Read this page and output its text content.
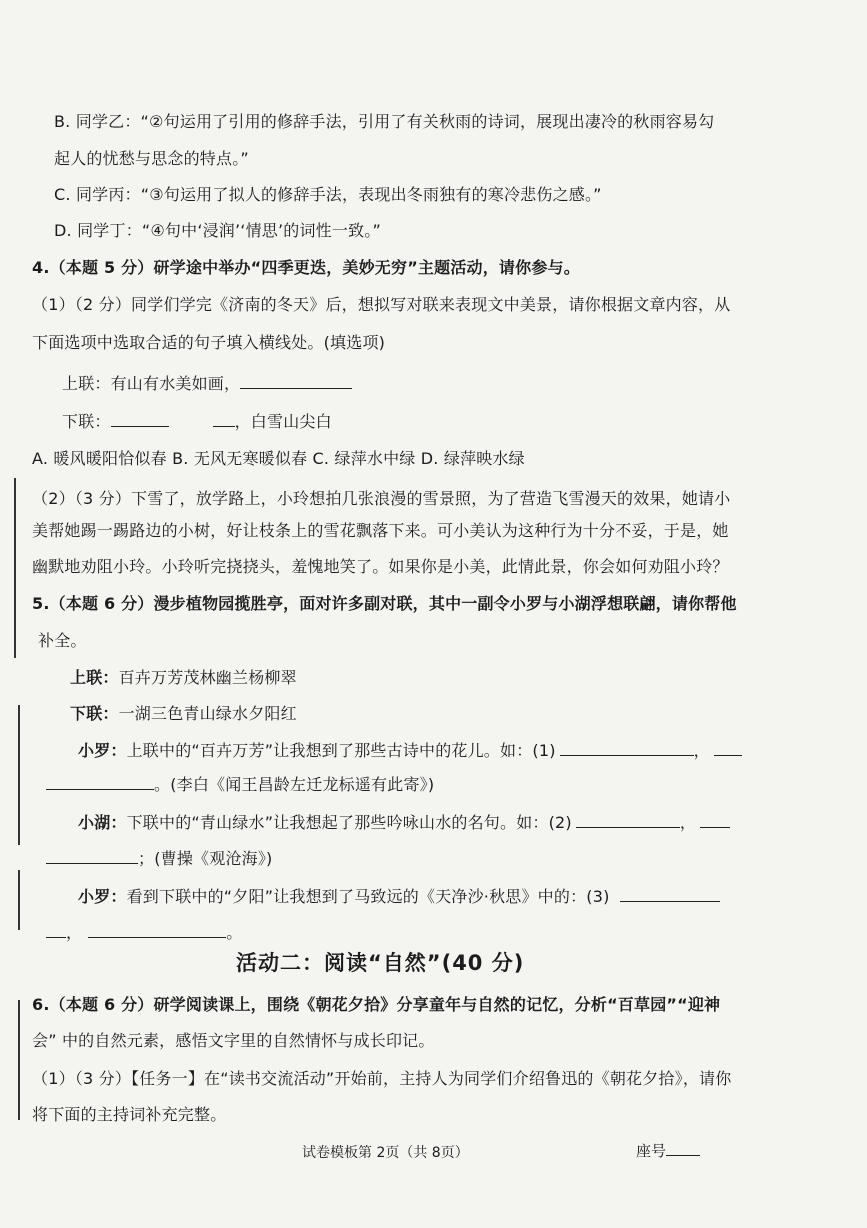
B. 同学乙：“②句运用了引用的修辞手法，引用了有关秋雨的诗词，展现出凄冷的秋雨容易勾
起人的忧愁与思念的特点。”
C. 同学丙：“③句运用了拟人的修辞手法，表现出冬雨独有的寒冷悲伤之感。”
D. 同学丁：“④句中‘浸润’‘情思’的词性一致。”
4.（本题 5 分）研学途中举办“四季更迭，美妙无穷”主题活动，请你参与。
（1）（2 分）同学们学完《济南的冬天》后，想拟写对联来表现文中美景，请你根据文章内容，从
下面选项中选取合适的句子填入横线处。(填选项)
上联：有山有水美如画，
下联：	，白雪山尖白
A. 暖风暖阳恰似春 B. 无风无寒暖似春 C. 绿萍水中绿 D. 绿萍映水绿
（2）（3 分）下雪了，放学路上，小玲想拍几张浪漫的雪景照，为了营造飞雪漫天的效果，她请小
美帮她踢一踢路边的小树，好让枝条上的雪花飘落下来。可小美认为这种行为十分不妥，于是，她
幽默地劝阻小玲。小玲听完挠挠头，羞愧地笑了。如果你是小美，此情此景，你会如何劝阻小玲？
5.（本题 6 分）漫步植物园揽胜亭，面对许多副对联，其中一副令小罗与小湖浮想联翩，请你帮他
补全。
上联：百卉万芳茂林幽兰杨柳翠
下联：一湖三色青山绿水夕阳红
小罗：上联中的“百卉万芳”让我想到了那些古诗中的花儿。如：(1)	，
。(李白《闻王昌龄左迁龙标遥有此寄》)
小湖：下联中的“青山绿水”让我想起了那些吟咏山水的名句。如：(2)	，
；(曹操《观沧海》)
小罗：看到下联中的“夕阳”让我想到了马致远的《天净沙·秋思》中的：(3)
，	。
活动二：阅读“自然”(40 分)
6.（本题 6 分）研学阅读课上，围绕《朝花夕拾》分享童年与自然的记忆，分析“百草园”“迎神
会” 中的自然元素，感悟文字里的自然情怀与成长印记。
（1）（3 分）【任务一】在“读书交流活动”开始前，主持人为同学们介绍鲁迅的《朝花夕拾》，请你
将下面的主持词补充完整。
试卷模板第 2页（共 8页）	座号
